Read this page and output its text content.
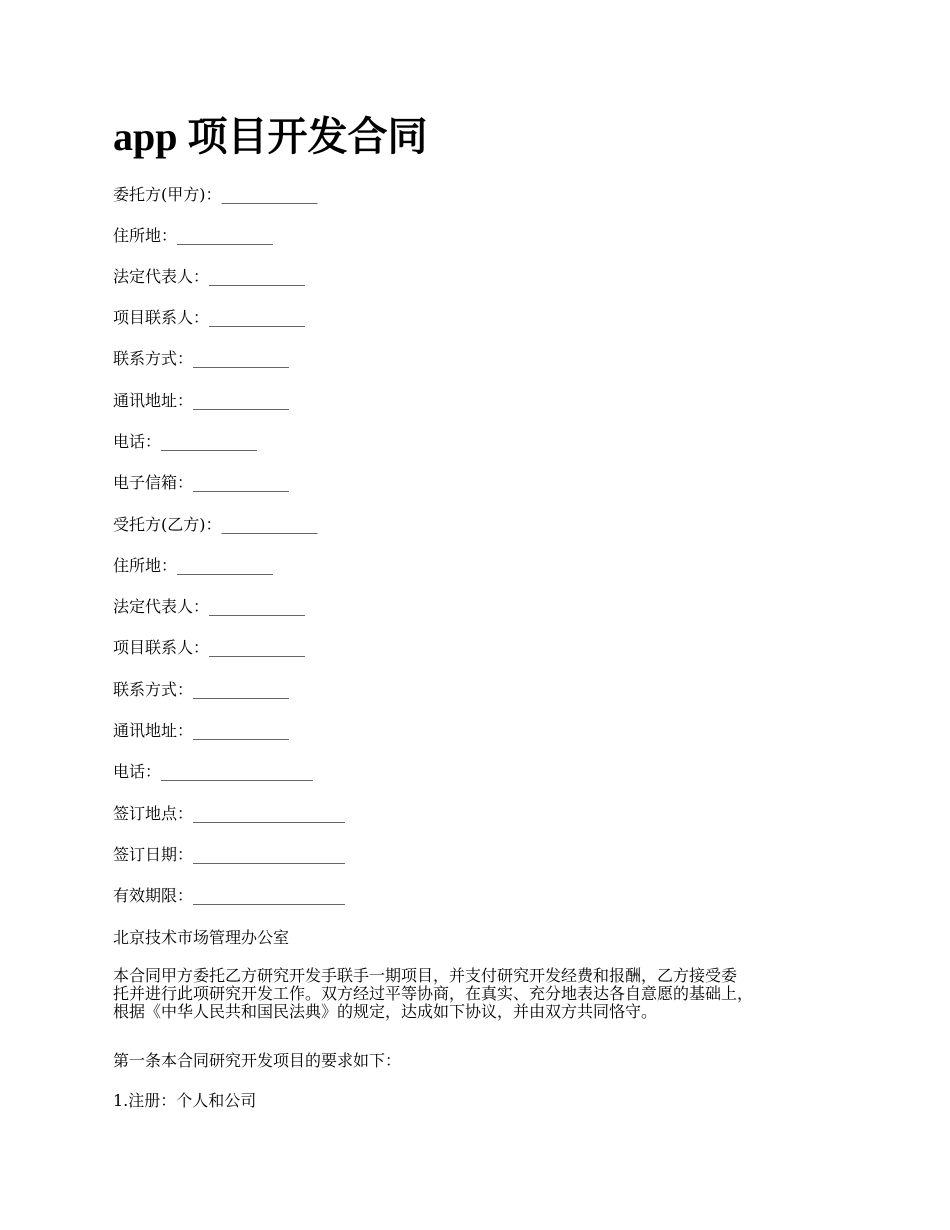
app 项目开发合同
委托方(甲方)：____________
住所地：____________
法定代表人：____________
项目联系人：____________
联系方式：____________
通讯地址：____________
电话：____________
电子信箱：____________
受托方(乙方)：____________
住所地：____________
法定代表人：____________
项目联系人：____________
联系方式：____________
通讯地址：____________
电话：___________________
签订地点：___________________
签订日期：___________________
有效期限：___________________
北京技术市场管理办公室
本合同甲方委托乙方研究开发手联手一期项目，并支付研究开发经费和报酬，乙方接受委
托并进行此项研究开发工作。双方经过平等协商，在真实、充分地表达各自意愿的基础上，
根据《中华人民共和国民法典》的规定，达成如下协议，并由双方共同恪守。
第一条本合同研究开发项目的要求如下：
1.注册：个人和公司
